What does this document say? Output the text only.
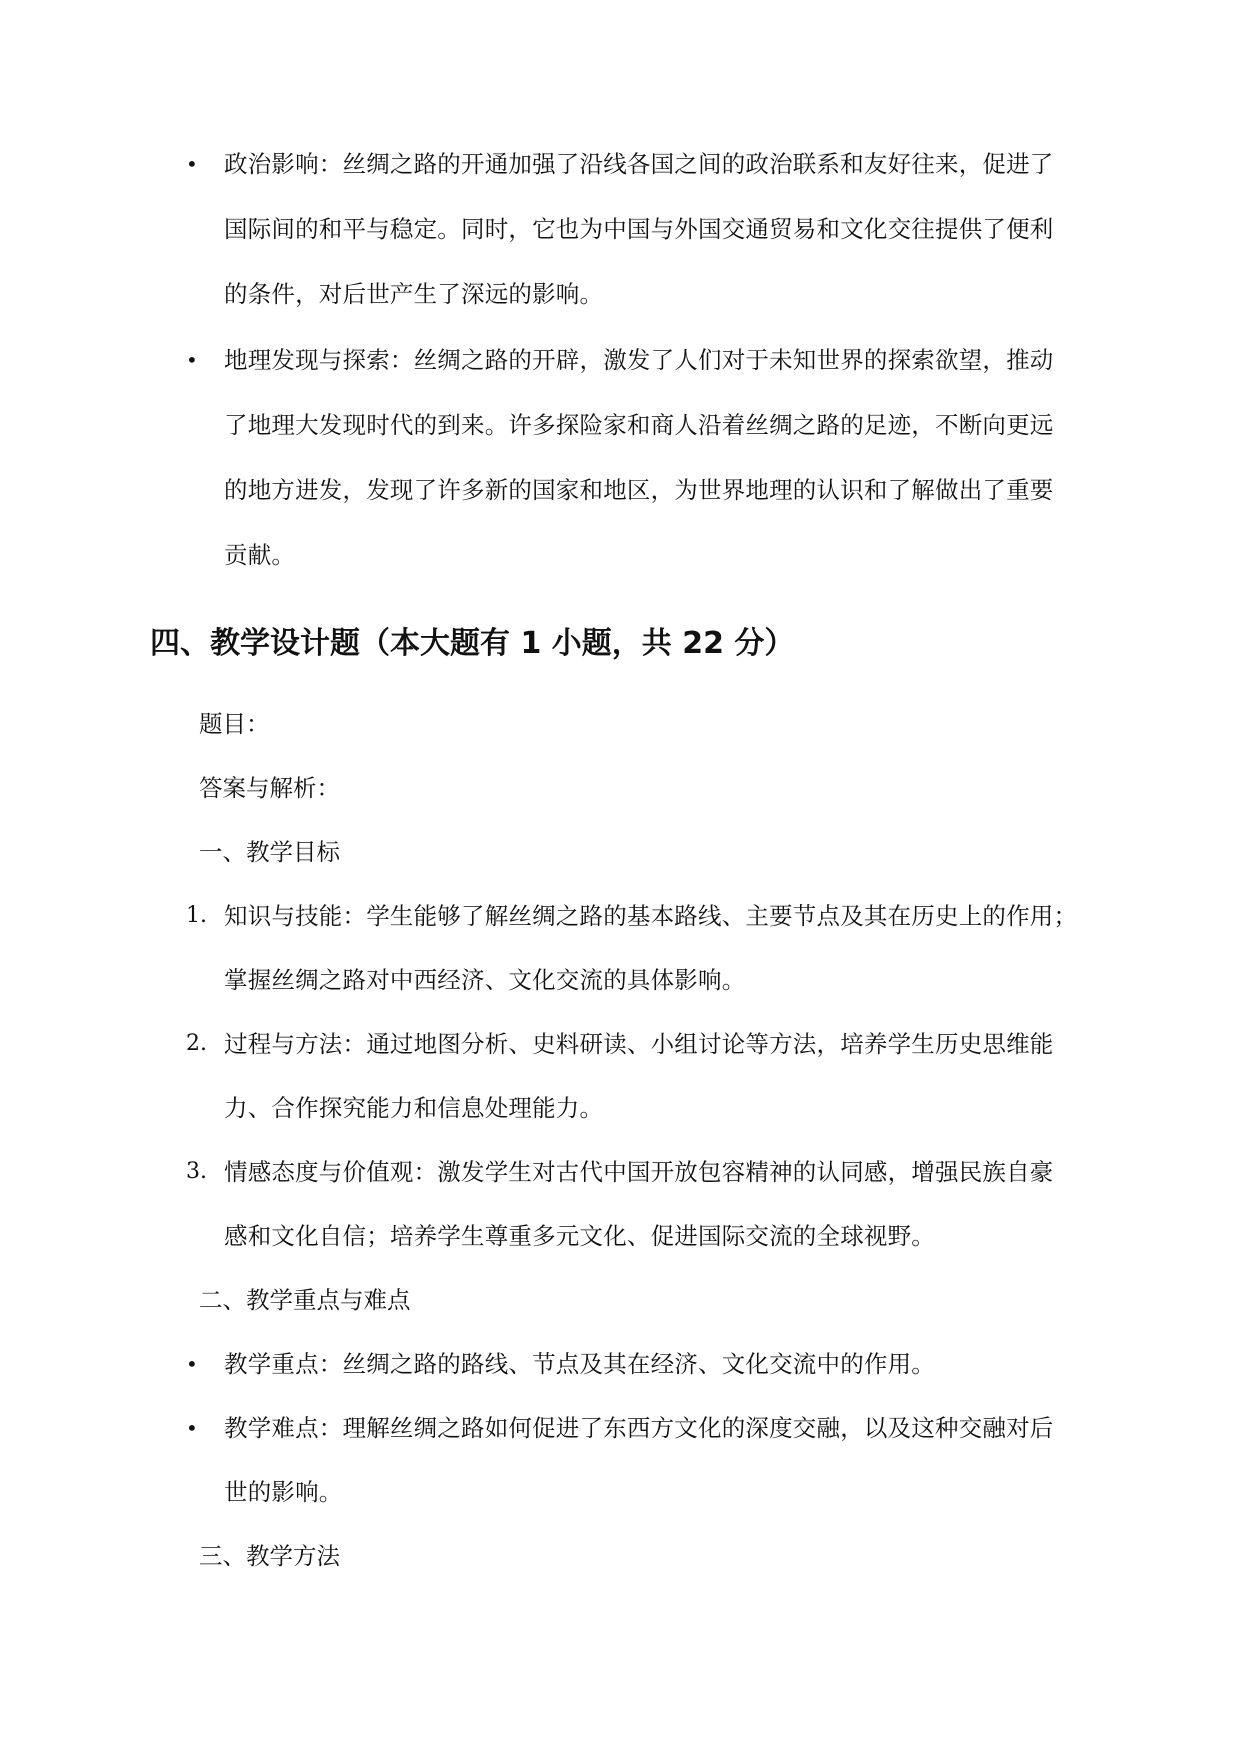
• 政治影响：丝绸之路的开通加强了沿线各国之间的政治联系和友好往来，促进了
国际间的和平与稳定。同时，它也为中国与外国交通贸易和文化交往提供了便利
的条件，对后世产生了深远的影响。
• 地理发现与探索：丝绸之路的开辟，激发了人们对于未知世界的探索欲望，推动
了地理大发现时代的到来。许多探险家和商人沿着丝绸之路的足迹，不断向更远
的地方进发，发现了许多新的国家和地区，为世界地理的认识和了解做出了重要
贡献。
四、教学设计题（本大题有 1 小题，共 22 分）
题目：
答案与解析：
一、教学目标
1. 知识与技能：学生能够了解丝绸之路的基本路线、主要节点及其在历史上的作用；
掌握丝绸之路对中西经济、文化交流的具体影响。
2. 过程与方法：通过地图分析、史料研读、小组讨论等方法，培养学生历史思维能
力、合作探究能力和信息处理能力。
3. 情感态度与价值观：激发学生对古代中国开放包容精神的认同感，增强民族自豪
感和文化自信；培养学生尊重多元文化、促进国际交流的全球视野。
二、教学重点与难点
• 教学重点：丝绸之路的路线、节点及其在经济、文化交流中的作用。
• 教学难点：理解丝绸之路如何促进了东西方文化的深度交融，以及这种交融对后
世的影响。
三、教学方法
